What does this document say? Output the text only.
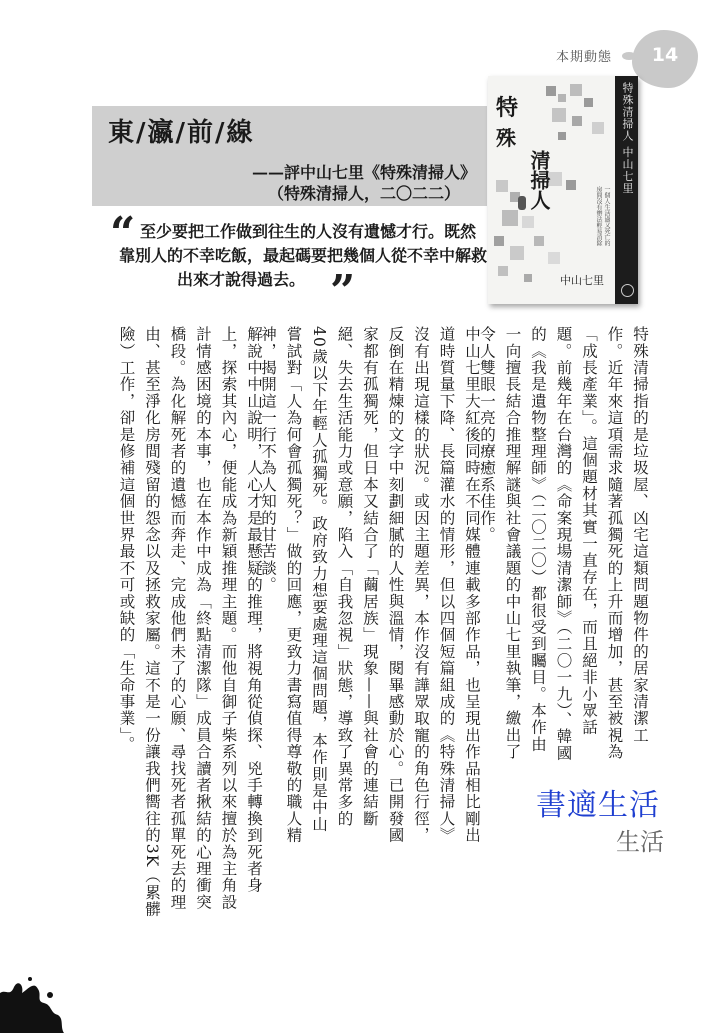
本期動態	14
東/瀛/前/線
——評中山七里《特殊清掃人》
（特殊清掃人，二〇二二）
“ 至少要把工作做到往生的人沒有遺憾才行。既然
靠別人的不幸吃飯，最起碼要把幾個人從不幸中解救
出來才說得過去。 ”
特
殊
清掃人
一個人生活過又死亡的房間沒有辦法輕易消除
中山七里
特殊清掃人 中山七里
特殊清掃指的是垃圾屋、凶宅這類問題物件的居家清潔工作。近年來這項需求隨著孤獨死的上升而增加，甚至被視為「成長產業」。這個題材其實一直存在，而且絕非小眾話題。前幾年在台灣的《命案現場清潔師》（二〇一九）、韓國的《我是遺物整理師》（二〇二〇）都很受到矚目。本作由一向擅長結合推理解謎與社會議題的中山七里執筆，繳出了令人雙眼一亮的療癒系佳作。
中山七里大紅後同時在不同媒體連載多部作品，也呈現出作品相比剛出道時質量下降、長篇灌水的情形，但以四個短篇組成的《特殊清掃人》沒有出現這樣的狀況。或因主題差異，本作沒有譁眾取寵的角色行徑，反倒在精煉的文字中刻劃細膩的人性與溫情，閱畢感動於心。已開發國家都有孤獨死，但日本又結合了「繭居族」現象——與社會的連結斷絕、失去生活能力或意願，陷入「自我忽視」狀態，導致了異常多的40歲以下年輕人孤獨死。政府致力想要處理這個問題，本作則是中山嘗試對「人為何會孤獨死？」做的回應，更致力書寫值得尊敬的職人精神，揭開這一行不為人知的甘苦談。
解說中中山說明，人心才是最懸疑的推理，將視角從偵探、兇手轉換到死者身上，探索其內心，便能成為新穎推理主題。而他自御子柴系列以來擅於為主角設計情感困境的本事，也在本作中成為「終點清潔隊」成員合讀者揪結的心理衝突橋段。為化解死者的遺憾而奔走、完成他們未了的心願、尋找死者孤單死去的理由、甚至淨化房間殘留的怨念以及拯救家屬。這不是一份讓我們嚮往的3K（累髒險）工作，卻是修補這個世界最不可或缺的「生命事業」。
書適生活
生活
